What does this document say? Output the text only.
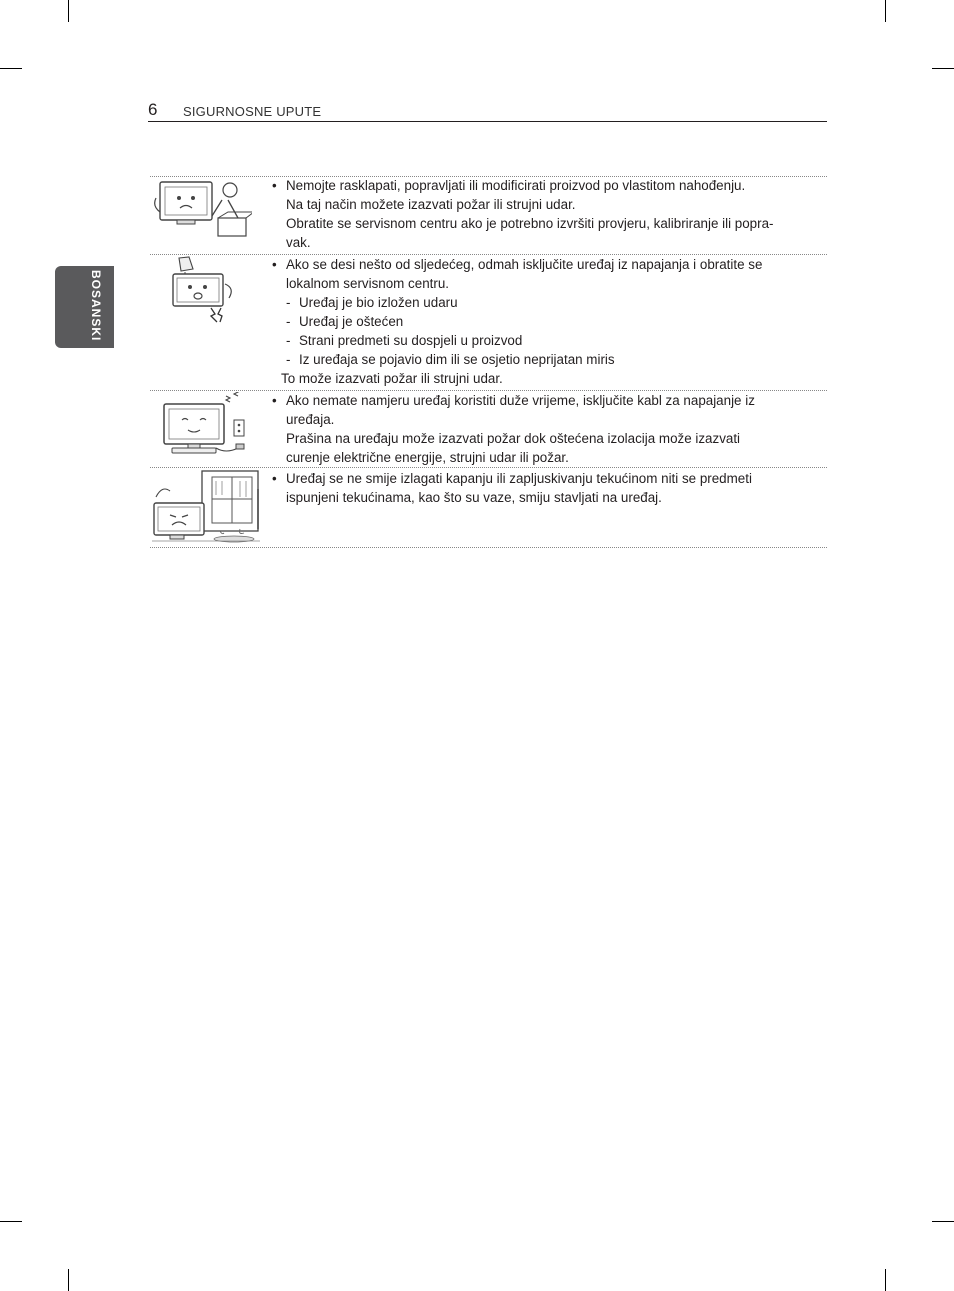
6 SIGURNOSNE UPUTE
BOSANSKI
• Nemojte rasklapati, popravljati ili modificirati proizvod po vlastitom nahođenju.
Na taj način možete izazvati požar ili strujni udar.
Obratite se servisnom centru ako je potrebno izvršiti provjeru, kalibriranje ili popra-
vak.
• Ako se desi nešto od sljedećeg, odmah isključite uređaj iz napajanja i obratite se
lokalnom servisnom centru.
- Uređaj je bio izložen udaru
- Uređaj je oštećen
- Strani predmeti su dospjeli u proizvod
- Iz uređaja se pojavio dim ili se osjetio neprijatan miris
To može izazvati požar ili strujni udar.
• Ako nemate namjeru uređaj koristiti duže vrijeme, isključite kabl za napajanje iz
uređaja.
Prašina na uređaju može izazvati požar dok oštećena izolacija može izazvati
curenje električne energije, strujni udar ili požar.
• Uređaj se ne smije izlagati kapanju ili zapljuskivanju tekućinom niti se predmeti
ispunjeni tekućinama, kao što su vaze, smiju stavljati na uređaj.
